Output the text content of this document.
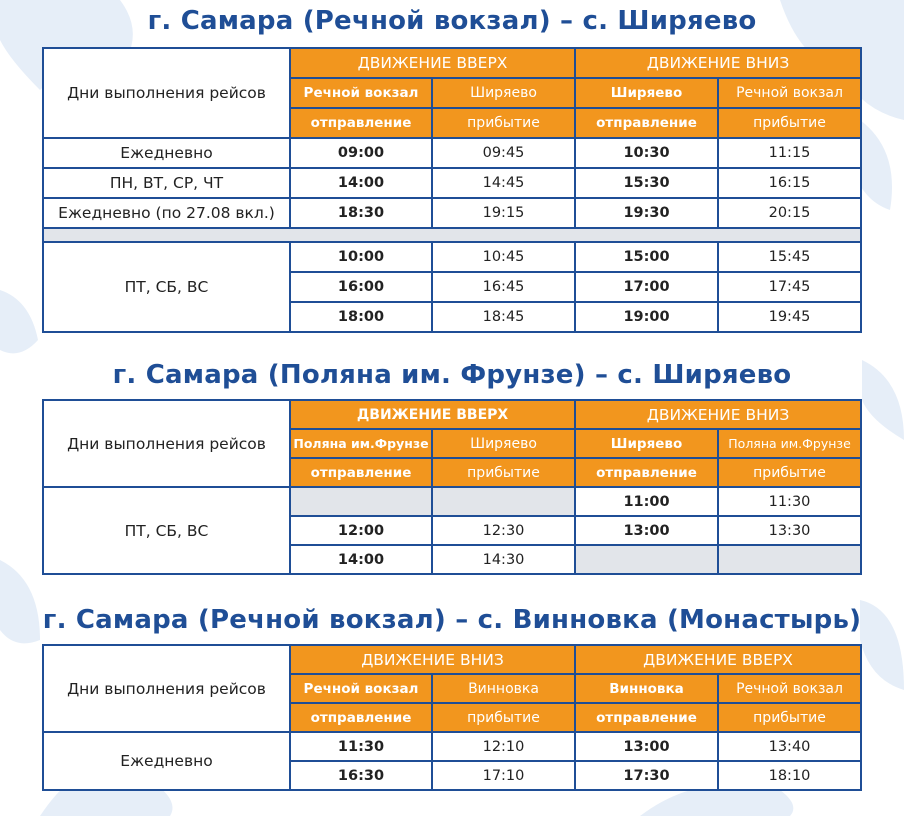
г. Самара (Речной вокзал) – с. Ширяево
Дни выполнения рейсов	ДВИЖЕНИЕ ВВЕРХ		ДВИЖЕНИЕ ВНИЗ	
	Речной вокзал	Ширяево	Ширяево	Речной вокзал
	отправление	прибытие	отправление	прибытие
Ежедневно	09:00	09:45	10:30	11:15
ПН, ВТ, СР, ЧТ	14:00	14:45	15:30	16:15
Ежедневно (по 27.08 вкл.)	18:30	19:15	19:30	20:15

ПТ, СБ, ВС	10:00	10:45	15:00	15:45
	16:00	16:45	17:00	17:45
	18:00	18:45	19:00	19:45
г. Самара (Поляна им. Фрунзе) – с. Ширяево
Дни выполнения рейсов	ДВИЖЕНИЕ ВВЕРХ		ДВИЖЕНИЕ ВНИЗ	
	Поляна им.Фрунзе	Ширяево	Ширяево	Поляна им.Фрунзе
	отправление	прибытие	отправление	прибытие
ПТ, СБ, ВС			11:00	11:30
	12:00	12:30	13:00	13:30
	14:00	14:30		
г. Самара (Речной вокзал) – с. Винновка (Монастырь)
Дни выполнения рейсов	ДВИЖЕНИЕ ВНИЗ		ДВИЖЕНИЕ ВВЕРХ	
	Речной вокзал	Винновка	Винновка	Речной вокзал
	отправление	прибытие	отправление	прибытие
Ежедневно	11:30	12:10	13:00	13:40
	16:30	17:10	17:30	18:10
